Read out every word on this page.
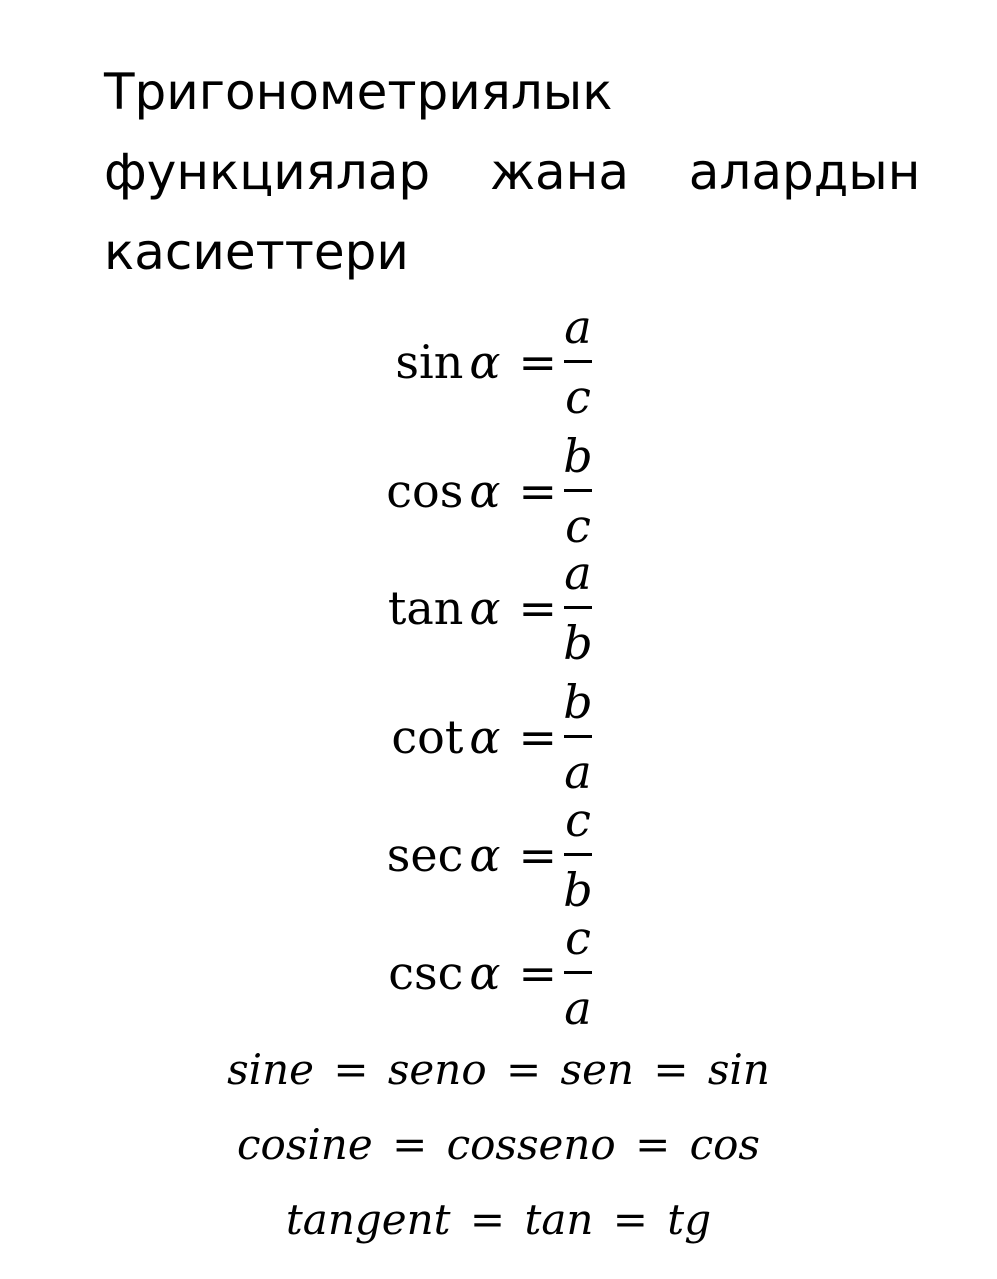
Тригонометриялык
функциялар  жана  алардын
касиеттери
sin α =
a
c
cos α =
b
c
tan α =
a
b
cot α =
b
a
sec α =
c
b
csc α =
c
a
sine = seno = sen = sin
cosine = cosseno = cos
tangent = tan = tg
